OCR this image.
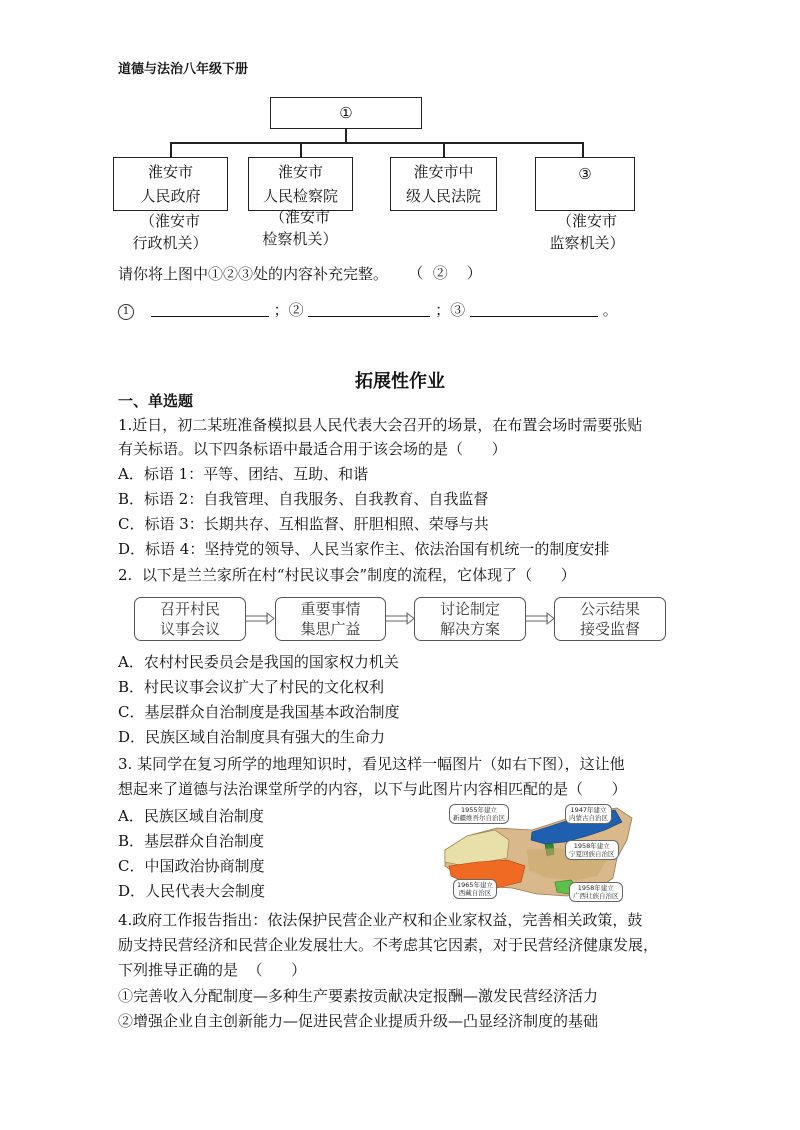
道德与法治八年级下册
①
淮安市
人民政府
淮安市
人民检察院
淮安市中
级人民法院
③
（淮安市
行政机关）
（淮安市
检察机关）

（  ②    ）

（淮安市
监察机关）
请你将上图中①②③处的内容补充完整。
1	；②	；③	。
拓展性作业
一、单选题
1.近日，初二某班准备模拟县人民代表大会召开的场景，在布置会场时需要张贴
有关标语。以下四条标语中最适合用于该会场的是（      ）
A．标语 1：平等、团结、互助、和谐
B．标语 2：自我管理、自我服务、自我教育、自我监督
C．标语 3：长期共存、互相监督、肝胆相照、荣辱与共
D．标语 4：坚持党的领导、人民当家作主、依法治国有机统一的制度安排
2.  以下是兰兰家所在村“村民议事会”制度的流程，它体现了（      ）
召开村民
议事会议
重要事情
集思广益
讨论制定
解决方案
公示结果
接受监督
A．农村村民委员会是我国的国家权力机关
B．村民议事会议扩大了村民的文化权利
C．基层群众自治制度是我国基本政治制度
D．民族区域自治制度具有强大的生命力
3. 某同学在复习所学的地理知识时，看见这样一幅图片（如右下图），这让他
想起来了道德与法治课堂所学的内容，以下与此图片内容相匹配的是（      ）
A．民族区域自治制度
B．基层群众自治制度
C．中国政治协商制度
D．人民代表大会制度
1955年建立
新疆维吾尔自治区
1947年建立
内蒙古自治区
1958年建立
宁夏回族自治区
1965年建立
西藏自治区
1958年建立
广西壮族自治区
4.政府工作报告指出：依法保护民营企业产权和企业家权益，完善相关政策，鼓
励支持民营经济和民营企业发展壮大。不考虑其它因素，对于民营经济健康发展，
下列推导正确的是  （      ）
①完善收入分配制度—多种生产要素按贡献决定报酬—激发民营经济活力
②增强企业自主创新能力—促进民营企业提质升级—凸显经济制度的基础
